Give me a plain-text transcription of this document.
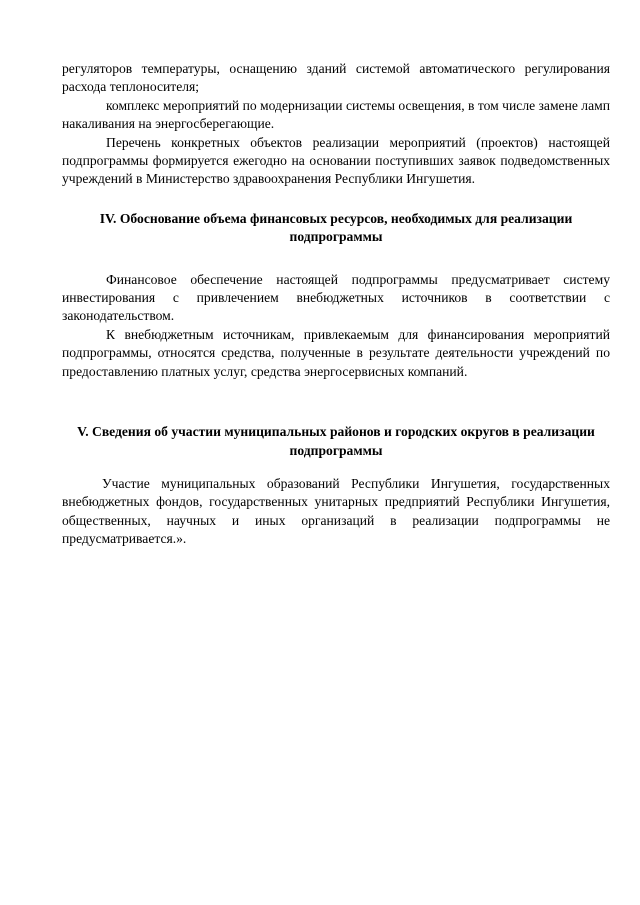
регуляторов температуры, оснащению зданий системой автоматического регулирования расхода теплоносителя;

комплекс мероприятий по модернизации системы освещения, в том числе замене ламп накаливания на энергосберегающие.

Перечень конкретных объектов реализации мероприятий (проектов) настоящей подпрограммы формируется ежегодно на основании поступивших заявок подведомственных учреждений в Министерство здравоохранения Республики Ингушетия.

IV. Обоснование объема финансовых ресурсов, необходимых для реализации подпрограммы

Финансовое обеспечение настоящей подпрограммы предусматривает систему инвестирования с привлечением внебюджетных источников в соответствии с законодательством.

К внебюджетным источникам, привлекаемым для финансирования мероприятий подпрограммы, относятся средства, полученные в результате деятельности учреждений по предоставлению платных услуг, средства энергосервисных компаний.

V. Сведения об участии муниципальных районов и городских округов в реализации подпрограммы

Участие муниципальных образований Республики Ингушетия, государственных внебюджетных фондов, государственных унитарных предприятий Республики Ингушетия, общественных, научных и иных организаций в реализации подпрограммы не предусматривается.».
